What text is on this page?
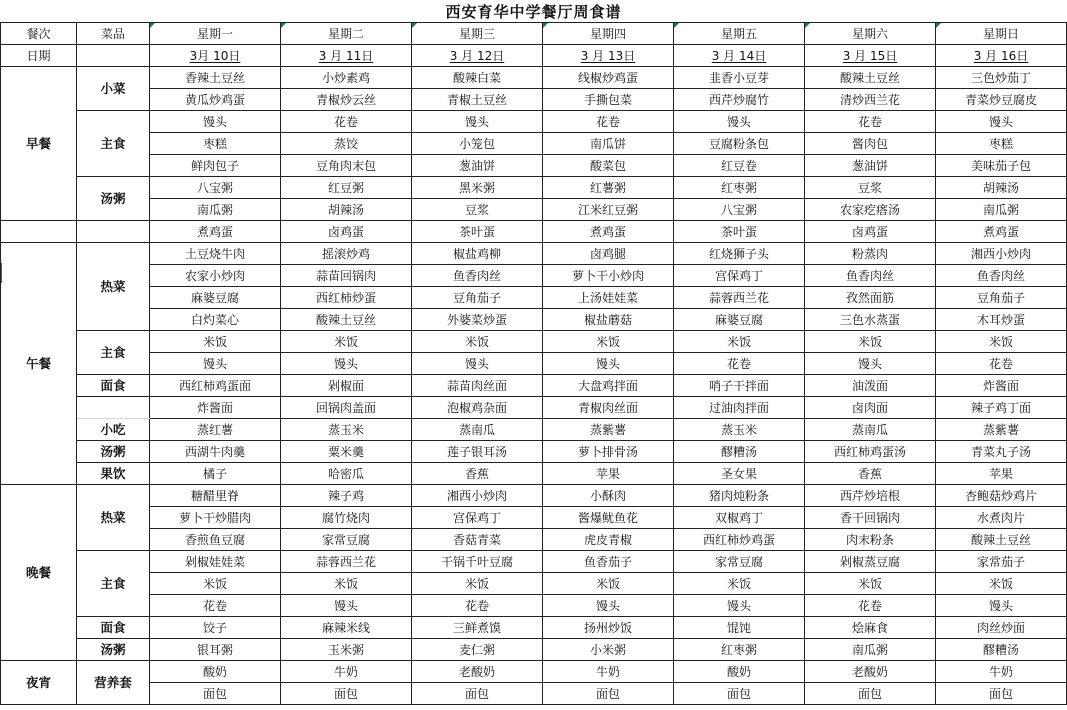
西安育华中学餐厅周食谱
餐次	菜品	星期一	星期二	星期三	星期四	星期五	星期六	星期日
日期		3月 10日	3 月 11日	3 月 12日	3 月 13日	3 月 14日	3 月 15日	3 月 16日
早餐	小菜	香辣土豆丝	小炒素鸡	酸辣白菜	线椒炒鸡蛋	韭香小豆芽	酸辣土豆丝	三色炒茄丁
		黄瓜炒鸡蛋	青椒炒云丝	青椒土豆丝	手撕包菜	西芹炒腐竹	清炒西兰花	青菜炒豆腐皮
	主食	馒头	花卷	馒头	花卷	馒头	花卷	馒头
		枣糕	蒸饺	小笼包	南瓜饼	豆腐粉条包	酱肉包	枣糕
		鲜肉包子	豆角肉末包	葱油饼	酸菜包	红豆卷	葱油饼	美味茄子包
	汤粥	八宝粥	红豆粥	黑米粥	红薯粥	红枣粥	豆浆	胡辣汤
		南瓜粥	胡辣汤	豆浆	江米红豆粥	八宝粥	农家疙瘩汤	南瓜粥
		煮鸡蛋	卤鸡蛋	茶叶蛋	煮鸡蛋	茶叶蛋	卤鸡蛋	煮鸡蛋
午餐	热菜	土豆烧牛肉	摇滚炒鸡	椒盐鸡柳	卤鸡腿	红烧狮子头	粉蒸肉	湘西小炒肉
		农家小炒肉	蒜苗回锅肉	鱼香肉丝	萝卜干小炒肉	宫保鸡丁	鱼香肉丝	鱼香肉丝
		麻婆豆腐	西红柿炒蛋	豆角茄子	上汤娃娃菜	蒜蓉西兰花	孜然面筋	豆角茄子
		白灼菜心	酸辣土豆丝	外婆菜炒蛋	椒盐蘑菇	麻婆豆腐	三色水蒸蛋	木耳炒蛋
	主食	米饭	米饭	米饭	米饭	米饭	米饭	米饭
		馒头	馒头	馒头	馒头	花卷	馒头	花卷
	面食	西红柿鸡蛋面	剁椒面	蒜苗肉丝面	大盘鸡拌面	哨子干拌面	油泼面	炸酱面
		炸酱面	回锅肉盖面	泡椒鸡杂面	青椒肉丝面	过油肉拌面	卤肉面	辣子鸡丁面
	小吃	蒸红薯	蒸玉米	蒸南瓜	蒸紫薯	蒸玉米	蒸南瓜	蒸紫薯
	汤粥	西湖牛肉羹	粟米羹	莲子银耳汤	萝卜排骨汤	醪糟汤	西红柿鸡蛋汤	青菜丸子汤
	果饮	橘子	哈密瓜	香蕉	苹果	圣女果	香蕉	苹果
晚餐	热菜	糖醋里脊	辣子鸡	湘西小炒肉	小酥肉	猪肉炖粉条	西芹炒培根	杏鲍菇炒鸡片
		萝卜干炒腊肉	腐竹烧肉	宫保鸡丁	酱爆鱿鱼花	双椒鸡丁	香干回锅肉	水煮肉片
		香煎鱼豆腐	家常豆腐	香菇青菜	虎皮青椒	西红柿炒鸡蛋	肉末粉条	酸辣土豆丝
	主食	剁椒娃娃菜	蒜蓉西兰花	干锅千叶豆腐	鱼香茄子	家常豆腐	剁椒蒸豆腐	家常茄子
		米饭	米饭	米饭	米饭	米饭	米饭	米饭
		花卷	馒头	花卷	馒头	馒头	花卷	馒头
	面食	饺子	麻辣米线	三鲜煮馍	扬州炒饭	馄饨	烩麻食	肉丝炒面
	汤粥	银耳粥	玉米粥	麦仁粥	小米粥	红枣粥	南瓜粥	醪糟汤
夜宵	营养套	酸奶	牛奶	老酸奶	牛奶	酸奶	老酸奶	牛奶
		面包	面包	面包	面包	面包	面包	面包
